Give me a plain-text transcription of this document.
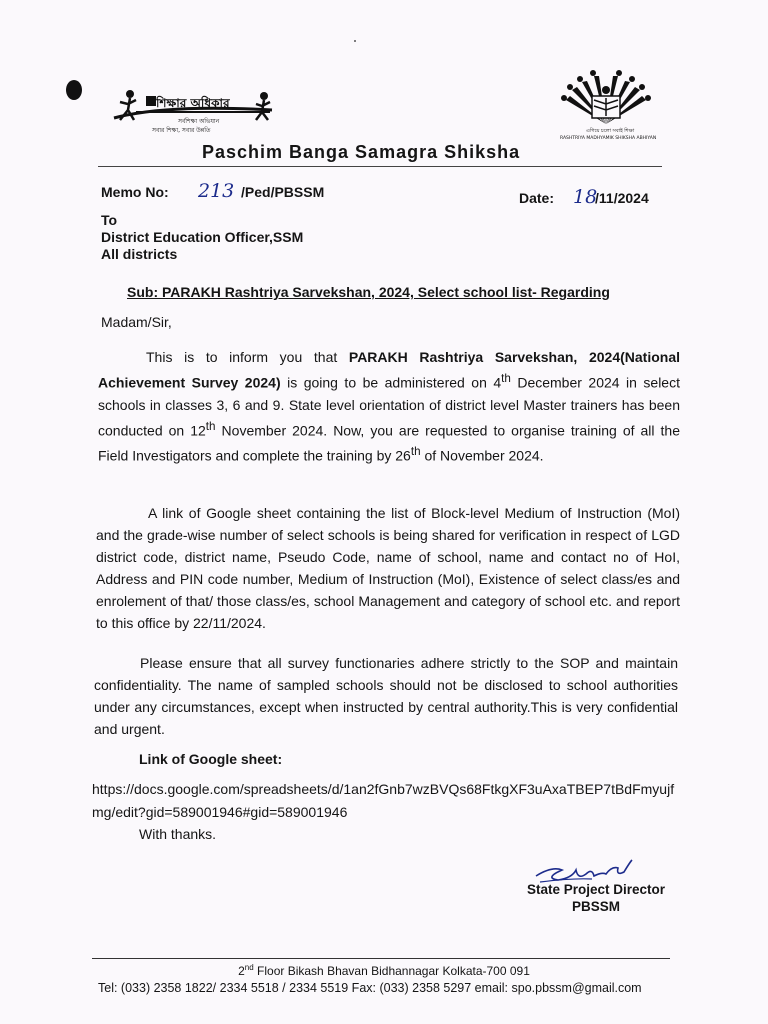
শিক্ষার অধিকার
সর্বশিক্ষা অভিযান
সবার শিক্ষা, সবার উন্নতি	এগিয়ে চলো সবাই শিক্ষা
RASHTRIYA MADHYAMIK SHIKSHA ABHIYAN
Paschim Banga Samagra Shiksha
Memo No: 213 /Ped/PBSSM	Date: 18/11/2024
To
District Education Officer,SSM
All districts
Sub: PARAKH Rashtriya Sarvekshan, 2024, Select school list- Regarding
Madam/Sir,
This is to inform you that PARAKH Rashtriya Sarvekshan, 2024(National Achievement Survey 2024) is going to be administered on 4th December 2024 in select schools in classes 3, 6 and 9. State level orientation of district level Master trainers has been conducted on 12th November 2024. Now, you are requested to organise training of all the Field Investigators and complete the training by 26th of November 2024.
A link of Google sheet containing the list of Block-level Medium of Instruction (MoI) and the grade-wise number of select schools is being shared for verification in respect of LGD district code, district name, Pseudo Code, name of school, name and contact no of HoI, Address and PIN code number, Medium of Instruction (MoI), Existence of select class/es and enrolement of that/ those class/es, school Management and category of school etc. and report to this office by 22/11/2024.
Please ensure that all survey functionaries adhere strictly to the SOP and maintain confidentiality. The name of sampled schools should not be disclosed to school authorities under any circumstances, except when instructed by central authority.This is very confidential and urgent.
Link of Google sheet:
https://docs.google.com/spreadsheets/d/1an2fGnb7wzBVQs68FtkgXF3uAxaTBEP7tBdFmyujfmg/edit?gid=589001946#gid=589001946
With thanks.
State Project Director
PBSSM
2nd Floor Bikash Bhavan Bidhannagar Kolkata-700 091
Tel: (033) 2358 1822/ 2334 5518 / 2334 5519 Fax: (033) 2358 5297 email: spo.pbssm@gmail.com
